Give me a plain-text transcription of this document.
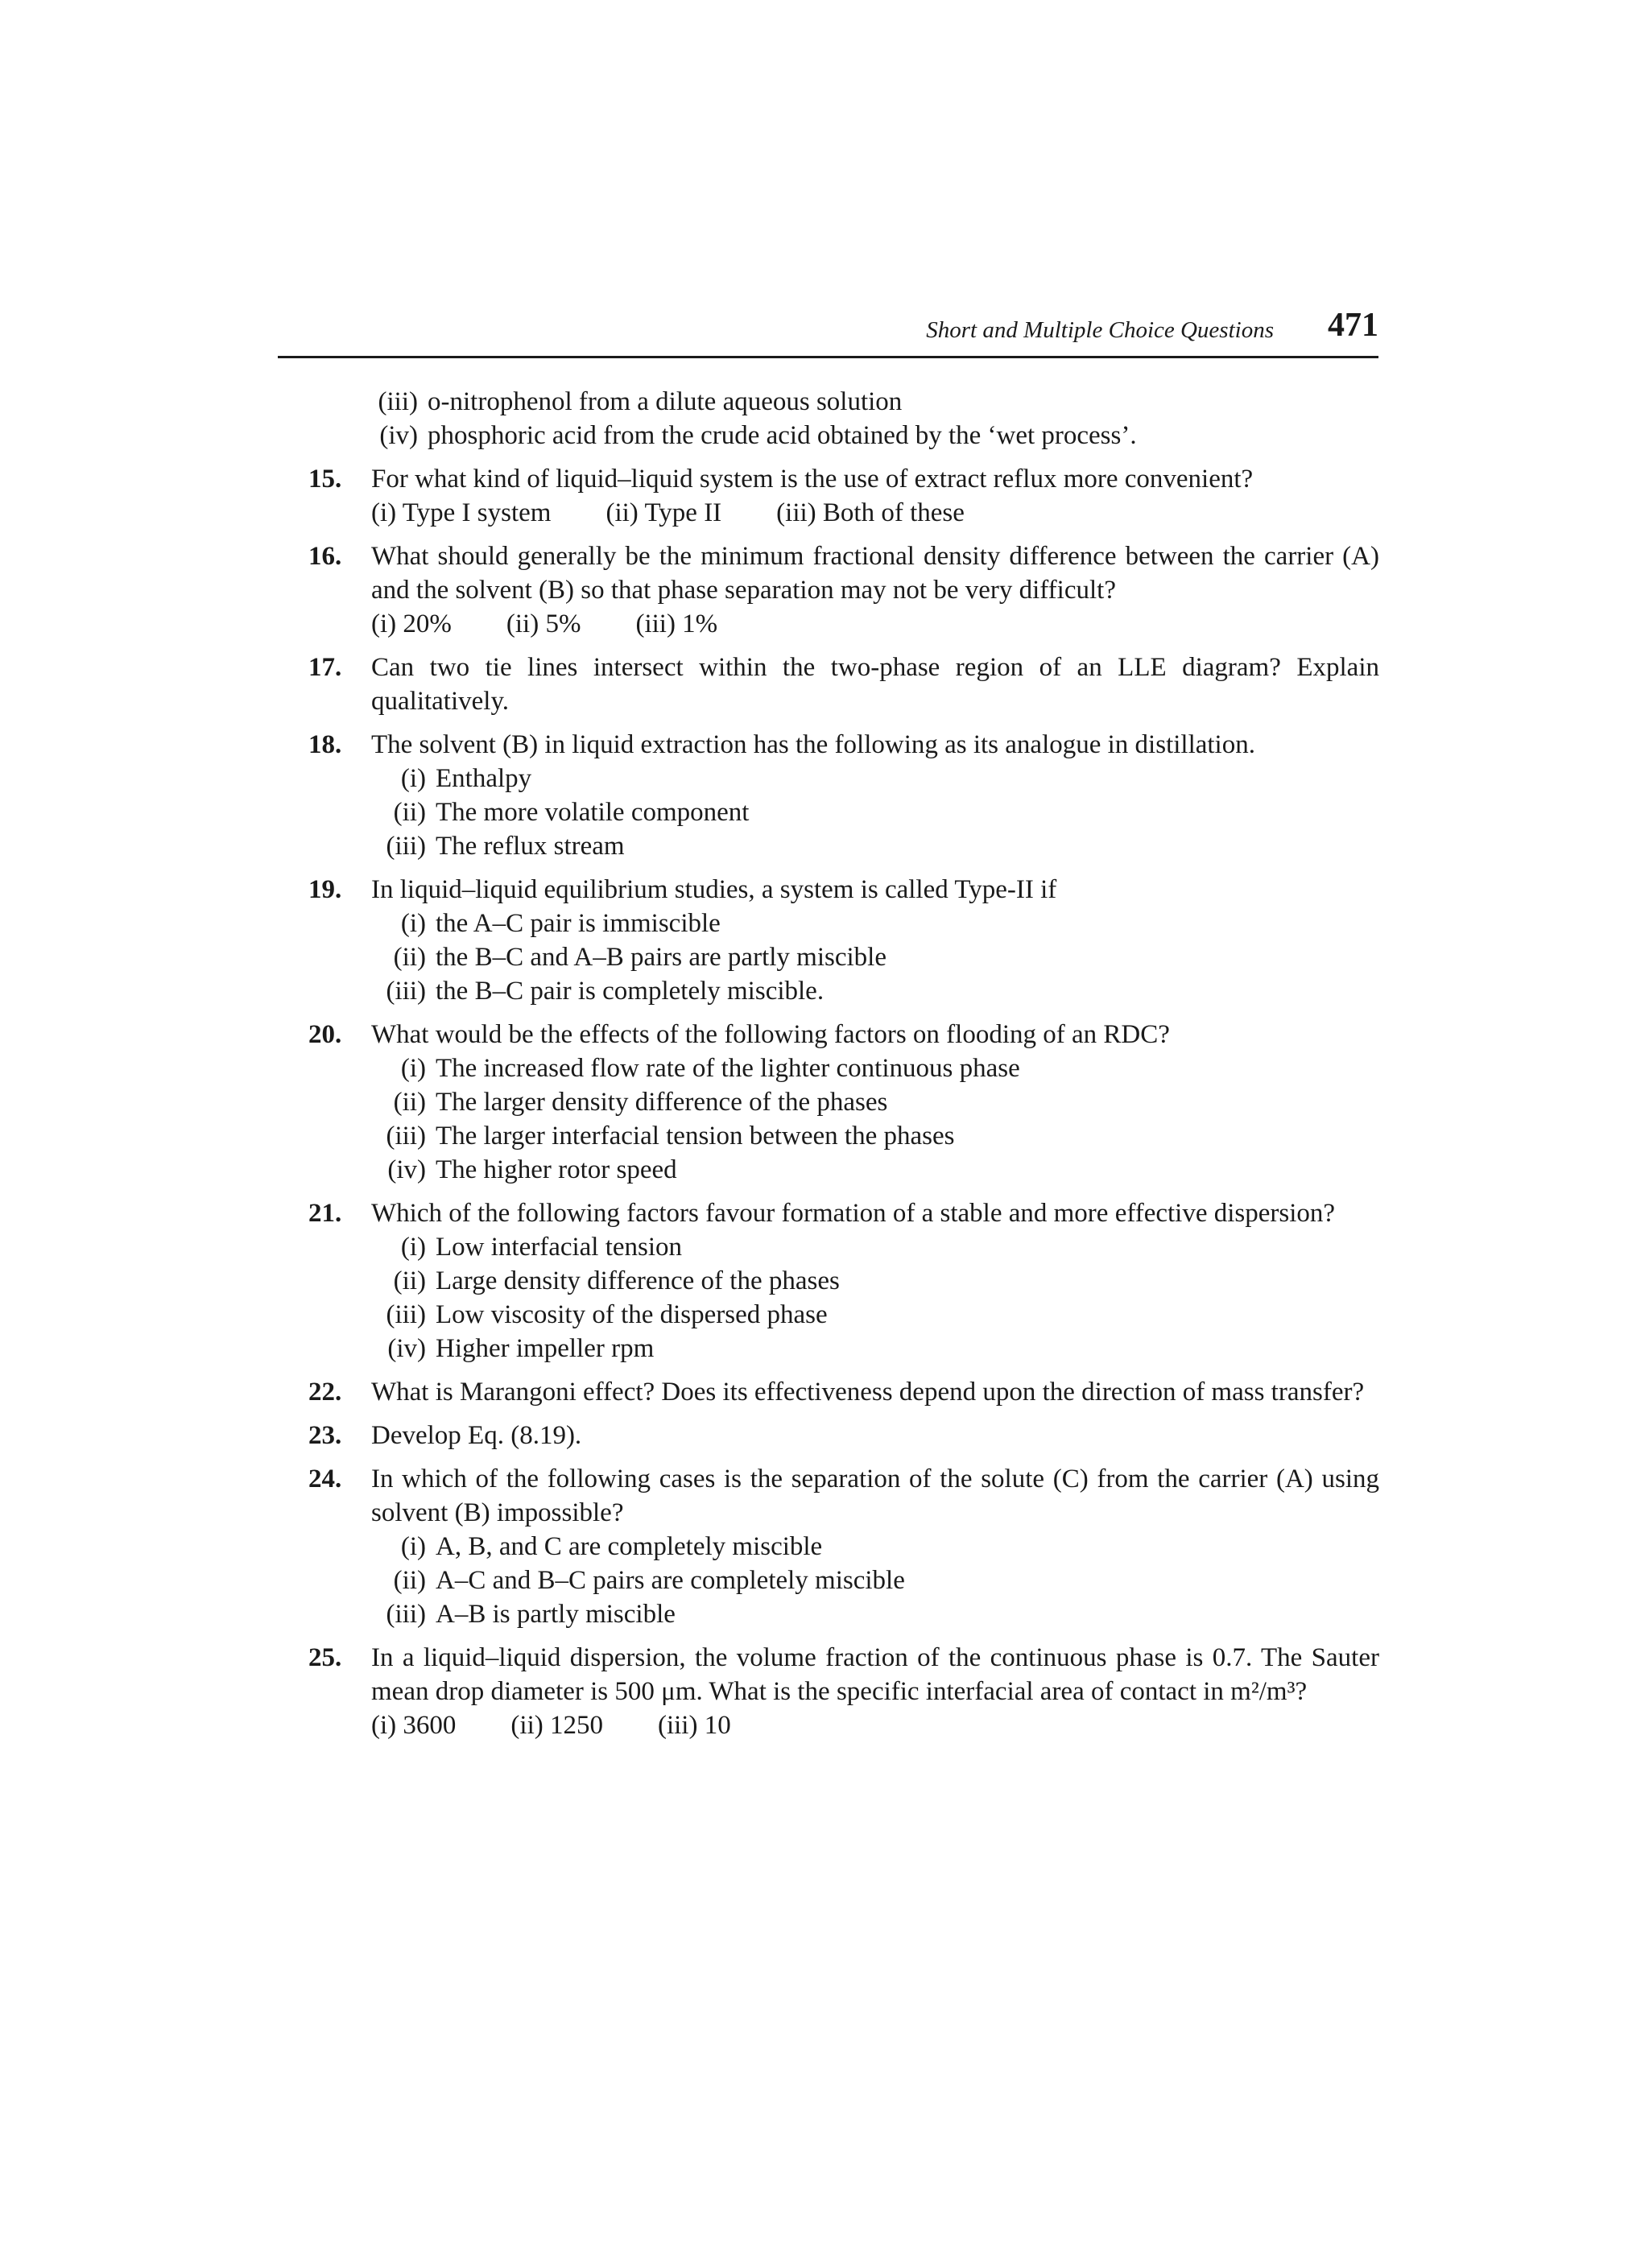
Short and Multiple Choice Questions 471
(iii) o-nitrophenol from a dilute aqueous solution
(iv) phosphoric acid from the crude acid obtained by the ‘wet process’.
15.	For what kind of liquid–liquid system is the use of extract reflux more convenient?
(i) Type I system (ii) Type II (iii) Both of these
16.	What should generally be the minimum fractional density difference between the carrier (A) and the solvent (B) so that phase separation may not be very difficult?
(i) 20% (ii) 5% (iii) 1%
17.	Can two tie lines intersect within the two-phase region of an LLE diagram? Explain qualitatively.
18.	The solvent (B) in liquid extraction has the following as its analogue in distillation.
(i) Enthalpy
(ii) The more volatile component
(iii) The reflux stream
19.	In liquid–liquid equilibrium studies, a system is called Type-II if
(i) the A–C pair is immiscible
(ii) the B–C and A–B pairs are partly miscible
(iii) the B–C pair is completely miscible.
20.	What would be the effects of the following factors on flooding of an RDC?
(i) The increased flow rate of the lighter continuous phase
(ii) The larger density difference of the phases
(iii) The larger interfacial tension between the phases
(iv) The higher rotor speed
21.	Which of the following factors favour formation of a stable and more effective dispersion?
(i) Low interfacial tension
(ii) Large density difference of the phases
(iii) Low viscosity of the dispersed phase
(iv) Higher impeller rpm
22.	What is Marangoni effect? Does its effectiveness depend upon the direction of mass transfer?
23.	Develop Eq. (8.19).
24.	In which of the following cases is the separation of the solute (C) from the carrier (A) using solvent (B) impossible?
(i) A, B, and C are completely miscible
(ii) A–C and B–C pairs are completely miscible
(iii) A–B is partly miscible
25.	In a liquid–liquid dispersion, the volume fraction of the continuous phase is 0.7. The Sauter mean drop diameter is 500 μm. What is the specific interfacial area of contact in m²/m³?
(i) 3600 (ii) 1250 (iii) 10
